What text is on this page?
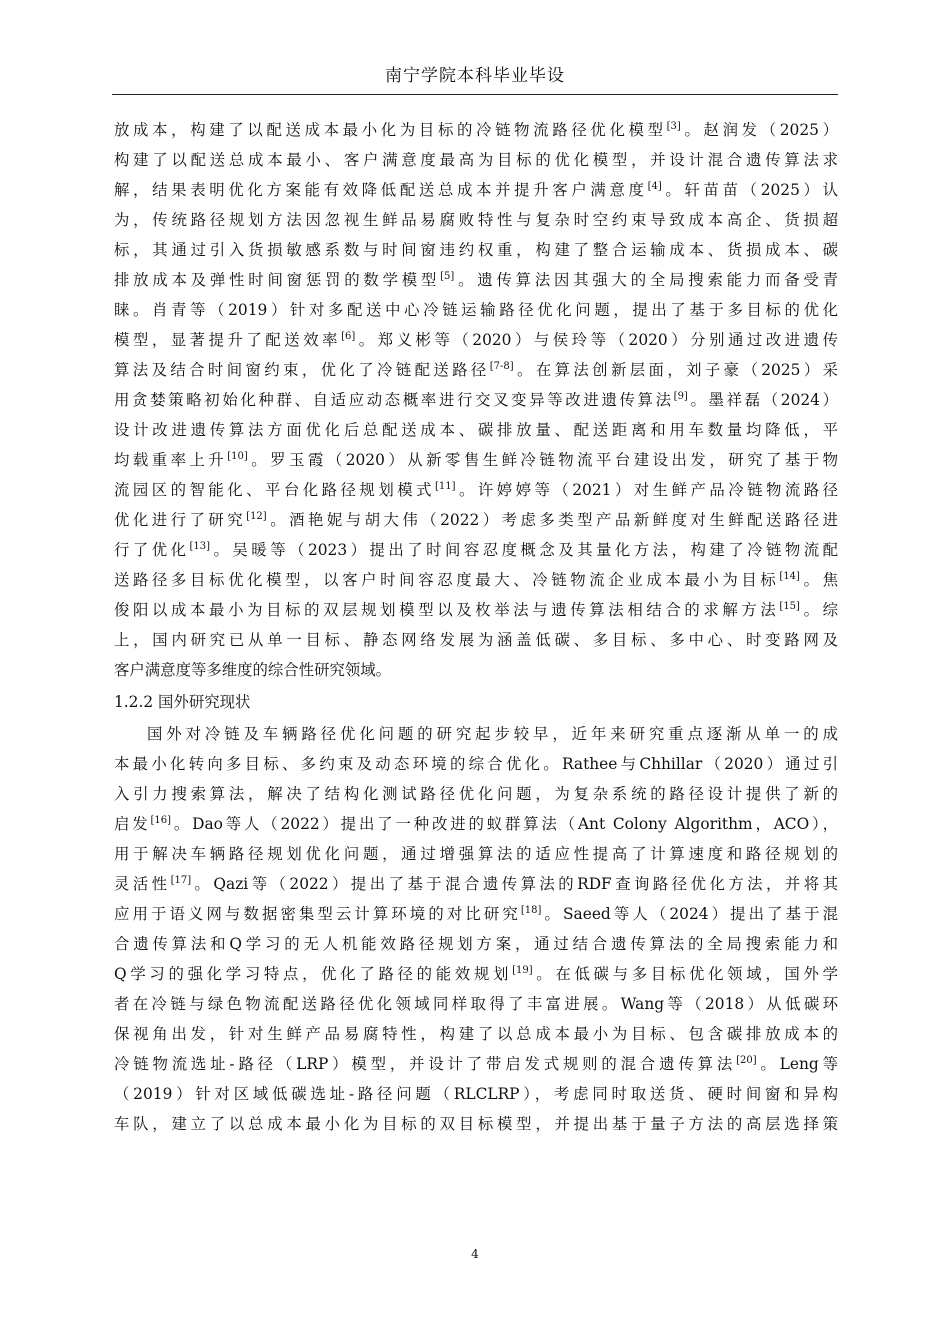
南宁学院本科毕业毕设
放成本，构建了以配送成本最小化为目标的冷链物流路径优化模型[3]。赵润发（2025）
构建了以配送总成本最小、客户满意度最高为目标的优化模型，并设计混合遗传算法求
解，结果表明优化方案能有效降低配送总成本并提升客户满意度[4]。轩苗苗（2025）认
为，传统路径规划方法因忽视生鲜品易腐败特性与复杂时空约束导致成本高企、货损超
标，其通过引入货损敏感系数与时间窗违约权重，构建了整合运输成本、货损成本、碳
排放成本及弹性时间窗惩罚的数学模型[5]。遗传算法因其强大的全局搜索能力而备受青
睐。肖青等（2019）针对多配送中心冷链运输路径优化问题，提出了基于多目标的优化
模型，显著提升了配送效率[6]。郑义彬等（2020）与侯玲等（2020）分别通过改进遗传
算法及结合时间窗约束，优化了冷链配送路径[7-8]。在算法创新层面，刘子豪（2025）采
用贪婪策略初始化种群、自适应动态概率进行交叉变异等改进遗传算法[9]。墨祥磊（2024）
设计改进遗传算法方面优化后总配送成本、碳排放量、配送距离和用车数量均降低，平
均载重率上升[10]。罗玉霞（2020）从新零售生鲜冷链物流平台建设出发，研究了基于物
流园区的智能化、平台化路径规划模式[11]。许婷婷等（2021）对生鲜产品冷链物流路径
优化进行了研究[12]。酒艳妮与胡大伟（2022）考虑多类型产品新鲜度对生鲜配送路径进
行了优化[13]。吴暖等（2023）提出了时间容忍度概念及其量化方法，构建了冷链物流配
送路径多目标优化模型，以客户时间容忍度最大、冷链物流企业成本最小为目标[14]。焦
俊阳以成本最小为目标的双层规划模型以及枚举法与遗传算法相结合的求解方法[15]。综
上，国内研究已从单一目标、静态网络发展为涵盖低碳、多目标、多中心、时变路网及
客户满意度等多维度的综合性研究领域。
1.2.2 国外研究现状
国外对冷链及车辆路径优化问题的研究起步较早，近年来研究重点逐渐从单一的成
本最小化转向多目标、多约束及动态环境的综合优化。Rathee与Chhillar（2020）通过引
入引力搜索算法，解决了结构化测试路径优化问题，为复杂系统的路径设计提供了新的
启发[16]。Dao等人（2022）提出了一种改进的蚁群算法（Ant Colony Algorithm，ACO），
用于解决车辆路径规划优化问题，通过增强算法的适应性提高了计算速度和路径规划的
灵活性[17]。Qazi等（2022）提出了基于混合遗传算法的RDF查询路径优化方法，并将其
应用于语义网与数据密集型云计算环境的对比研究[18]。Saeed等人（2024）提出了基于混
合遗传算法和Q学习的无人机能效路径规划方案，通过结合遗传算法的全局搜索能力和
Q学习的强化学习特点，优化了路径的能效规划[19]。在低碳与多目标优化领域，国外学
者在冷链与绿色物流配送路径优化领域同样取得了丰富进展。Wang等（2018）从低碳环
保视角出发，针对生鲜产品易腐特性，构建了以总成本最小为目标、包含碳排放成本的
冷链物流选址-路径（LRP）模型，并设计了带启发式规则的混合遗传算法[20]。Leng等
（2019）针对区域低碳选址-路径问题（RLCLRP），考虑同时取送货、硬时间窗和异构
车队，建立了以总成本最小化为目标的双目标模型，并提出基于量子方法的高层选择策
4
